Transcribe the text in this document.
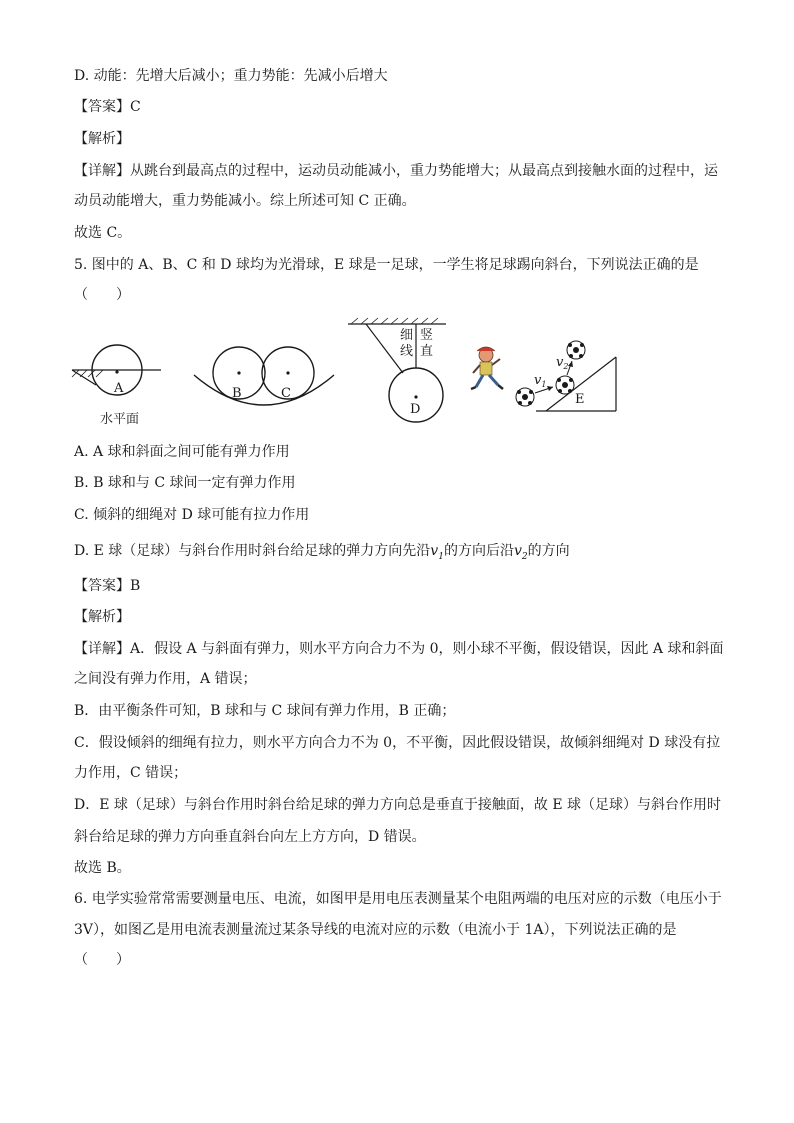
D. 动能：先增大后减小；重力势能：先减小后增大
【答案】C
【解析】
【详解】从跳台到最高点的过程中，运动员动能减小，重力势能增大；从最高点到接触水面的过程中，运
动员动能增大，重力势能减小。综上所述可知 C 正确。
故选 C。
5. 图中的 A、B、C 和 D 球均为光滑球，E 球是一足球，一学生将足球踢向斜台，下列说法正确的是
（　　）
A
水平面
B	C
D
细
线
竖
直
$v_1$
$v_2$
E
A. A 球和斜面之间可能有弹力作用
B. B 球和与 C 球间一定有弹力作用
C. 倾斜的细绳对 D 球可能有拉力作用
D. E 球（足球）与斜台作用时斜台给足球的弹力方向先沿$v_1$的方向后沿$v_2$的方向
【答案】B
【解析】
【详解】A．假设 A 与斜面有弹力，则水平方向合力不为 0，则小球不平衡，假设错误，因此 A 球和斜面
之间没有弹力作用，A 错误；
B．由平衡条件可知，B 球和与 C 球间有弹力作用，B 正确；
C．假设倾斜的细绳有拉力，则水平方向合力不为 0，不平衡，因此假设错误，故倾斜细绳对 D 球没有拉
力作用，C 错误；
D．E 球（足球）与斜台作用时斜台给足球的弹力方向总是垂直于接触面，故 E 球（足球）与斜台作用时
斜台给足球的弹力方向垂直斜台向左上方方向，D 错误。
故选 B。
6. 电学实验常常需要测量电压、电流，如图甲是用电压表测量某个电阻两端的电压对应的示数（电压小于
3V），如图乙是用电流表测量流过某条导线的电流对应的示数（电流小于 1A），下列说法正确的是
（　　）
